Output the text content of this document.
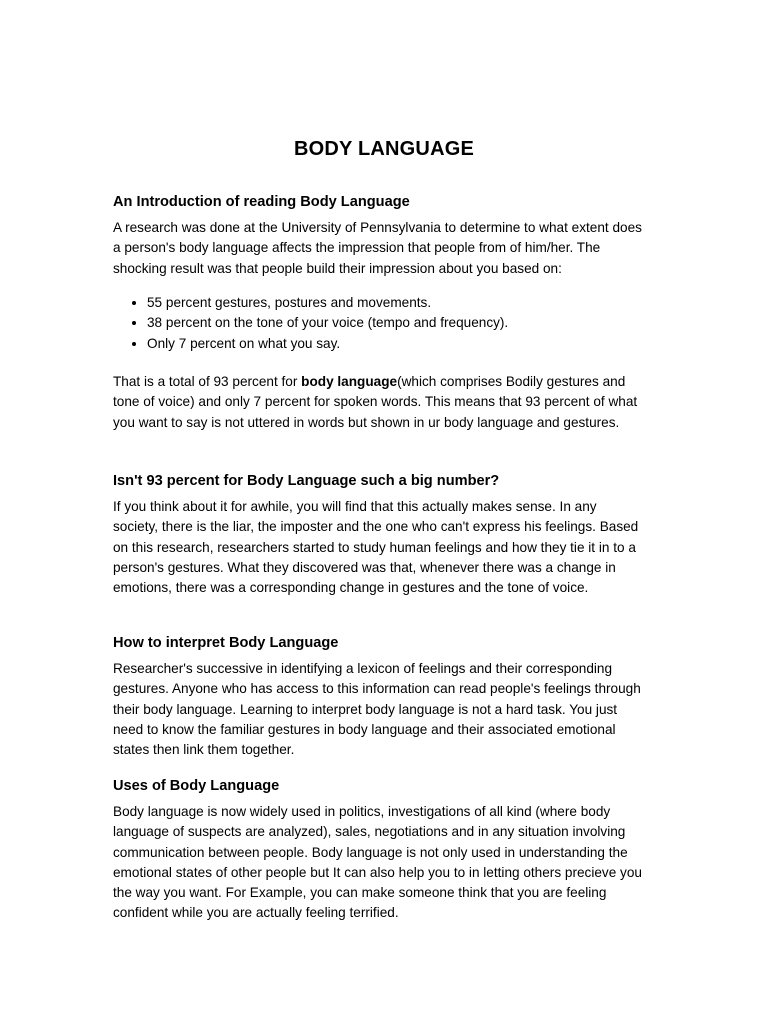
BODY LANGUAGE
An Introduction of reading Body Language

A research was done at the University of Pennsylvania to determine to what extent does a person's body language affects the impression that people from of him/her. The shocking result was that people build their impression about you based on:

• 55 percent gestures, postures and movements.
• 38 percent on the tone of your voice (tempo and frequency).
• Only 7 percent on what you say.

That is a total of 93 percent for body language(which comprises Bodily gestures and tone of voice) and only 7 percent for spoken words. This means that 93 percent of what you want to say is not uttered in words but shown in ur body language and gestures.

Isn't 93 percent for Body Language such a big number?

If you think about it for awhile, you will find that this actually makes sense. In any society, there is the liar, the imposter and the one who can't express his feelings. Based on this research, researchers started to study human feelings and how they tie it in to a person's gestures. What they discovered was that, whenever there was a change in emotions, there was a corresponding change in gestures and the tone of voice.

How to interpret Body Language

Researcher's successive in identifying a lexicon of feelings and their corresponding gestures. Anyone who has access to this information can read people's feelings through their body language. Learning to interpret body language is not a hard task. You just need to know the familiar gestures in body language and their associated emotional states then link them together.

Uses of Body Language

Body language is now widely used in politics, investigations of all kind (where body language of suspects are analyzed), sales, negotiations and in any situation involving communication between people. Body language is not only used in understanding the emotional states of other people but It can also help you to in letting others precieve you the way you want. For Example, you can make someone think that you are feeling confident while you are actually feeling terrified.
